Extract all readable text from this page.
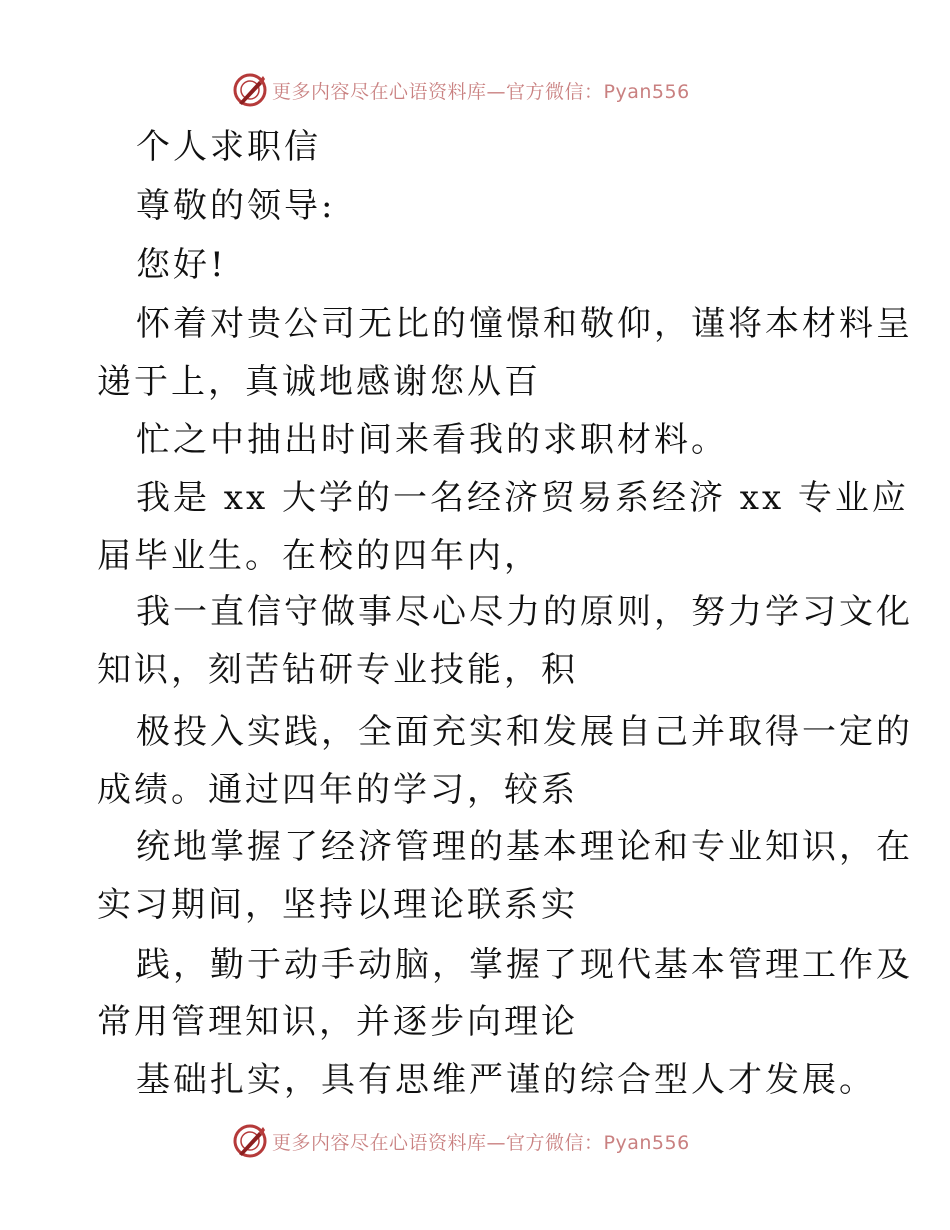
更多内容尽在心语资料库—官方微信：Pyan556
个人求职信
尊敬的领导:
您好!
怀着对贵公司无比的憧憬和敬仰，谨将本材料呈
递于上，真诚地感谢您从百
忙之中抽出时间来看我的求职材料。
我是 xx 大学的一名经济贸易系经济 xx 专业应
届毕业生。在校的四年内，
我一直信守做事尽心尽力的原则，努力学习文化
知识，刻苦钻研专业技能，积
极投入实践，全面充实和发展自己并取得一定的
成绩。通过四年的学习，较系
统地掌握了经济管理的基本理论和专业知识，在
实习期间，坚持以理论联系实
践，勤于动手动脑，掌握了现代基本管理工作及
常用管理知识，并逐步向理论
基础扎实，具有思维严谨的综合型人才发展。
更多内容尽在心语资料库—官方微信：Pyan556
